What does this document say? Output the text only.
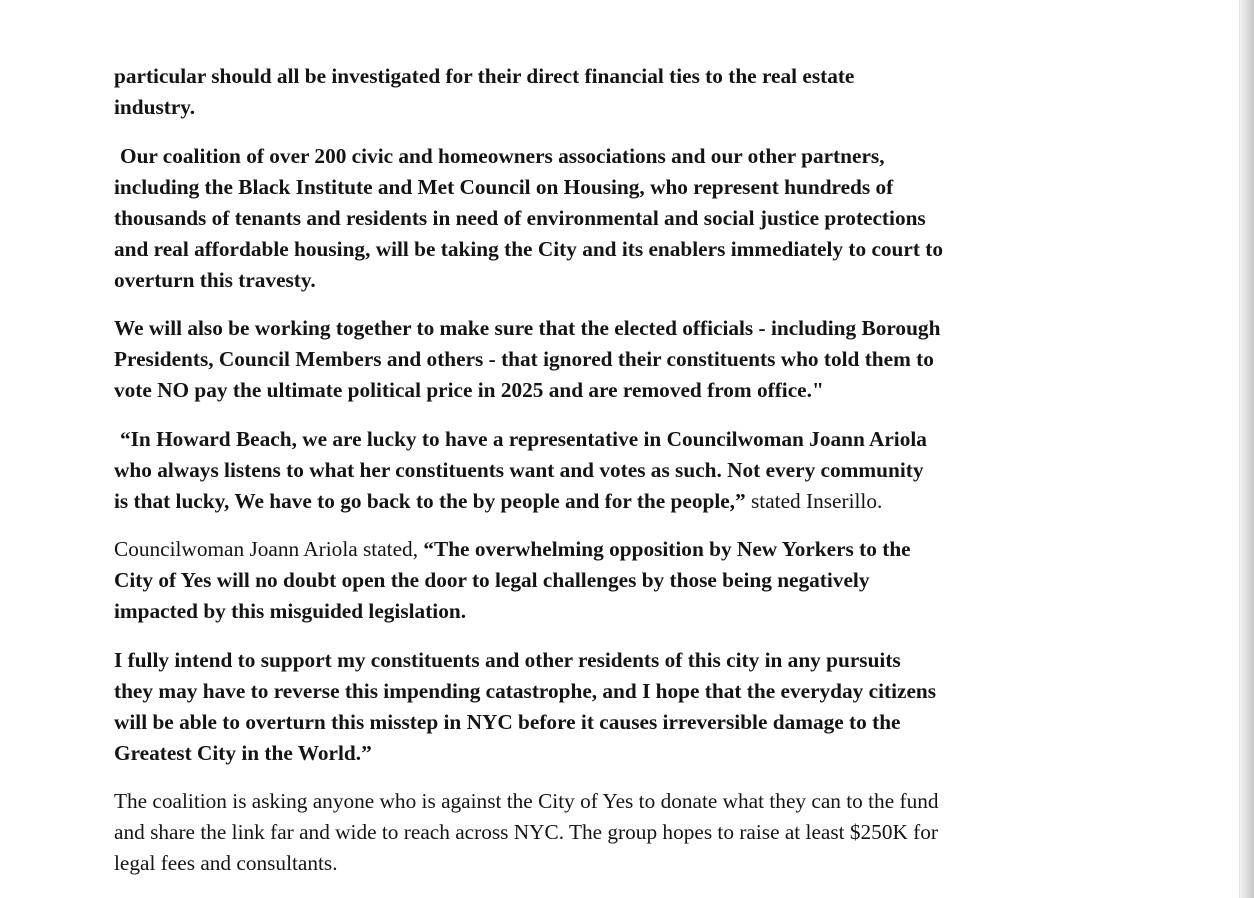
particular should all be investigated for their direct financial ties to the real estate
industry.

Our coalition of over 200 civic and homeowners associations and our other partners,
including the Black Institute and Met Council on Housing, who represent hundreds of
thousands of tenants and residents in need of environmental and social justice protections
and real affordable housing, will be taking the City and its enablers immediately to court to
overturn this travesty.

We will also be working together to make sure that the elected officials - including Borough
Presidents, Council Members and others - that ignored their constituents who told them to
vote NO pay the ultimate political price in 2025 and are removed from office."

“In Howard Beach, we are lucky to have a representative in Councilwoman Joann Ariola
who always listens to what her constituents want and votes as such. Not every community
is that lucky, We have to go back to the by people and for the people,” stated Inserillo.

Councilwoman Joann Ariola stated, “The overwhelming opposition by New Yorkers to the
City of Yes will no doubt open the door to legal challenges by those being negatively
impacted by this misguided legislation.

I fully intend to support my constituents and other residents of this city in any pursuits
they may have to reverse this impending catastrophe, and I hope that the everyday citizens
will be able to overturn this misstep in NYC before it causes irreversible damage to the
Greatest City in the World.”

The coalition is asking anyone who is against the City of Yes to donate what they can to the fund
and share the link far and wide to reach across NYC. The group hopes to raise at least $250K for
legal fees and consultants.
